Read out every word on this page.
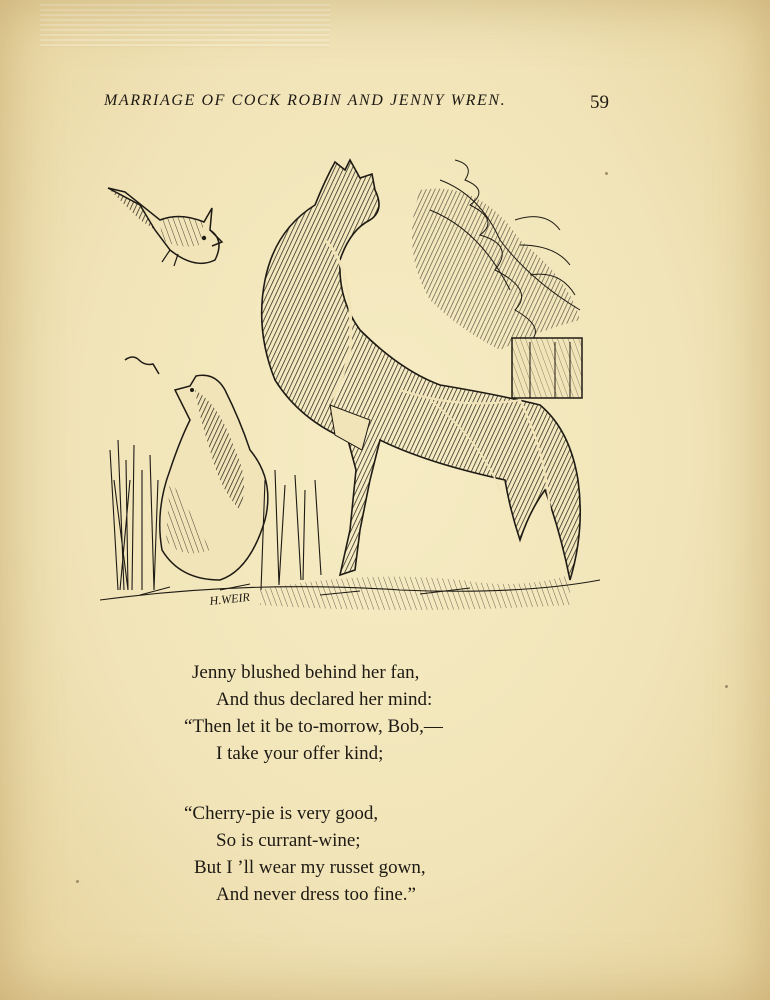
MARRIAGE OF COCK ROBIN AND JENNY WREN.	59
H.WEIR
Jenny blushed behind her fan,
And thus declared her mind:
“Then let it be to-morrow, Bob,—
I take your offer kind;
“Cherry-pie is very good,
So is currant-wine;
But I ’ll wear my russet gown,
And never dress too fine.”
